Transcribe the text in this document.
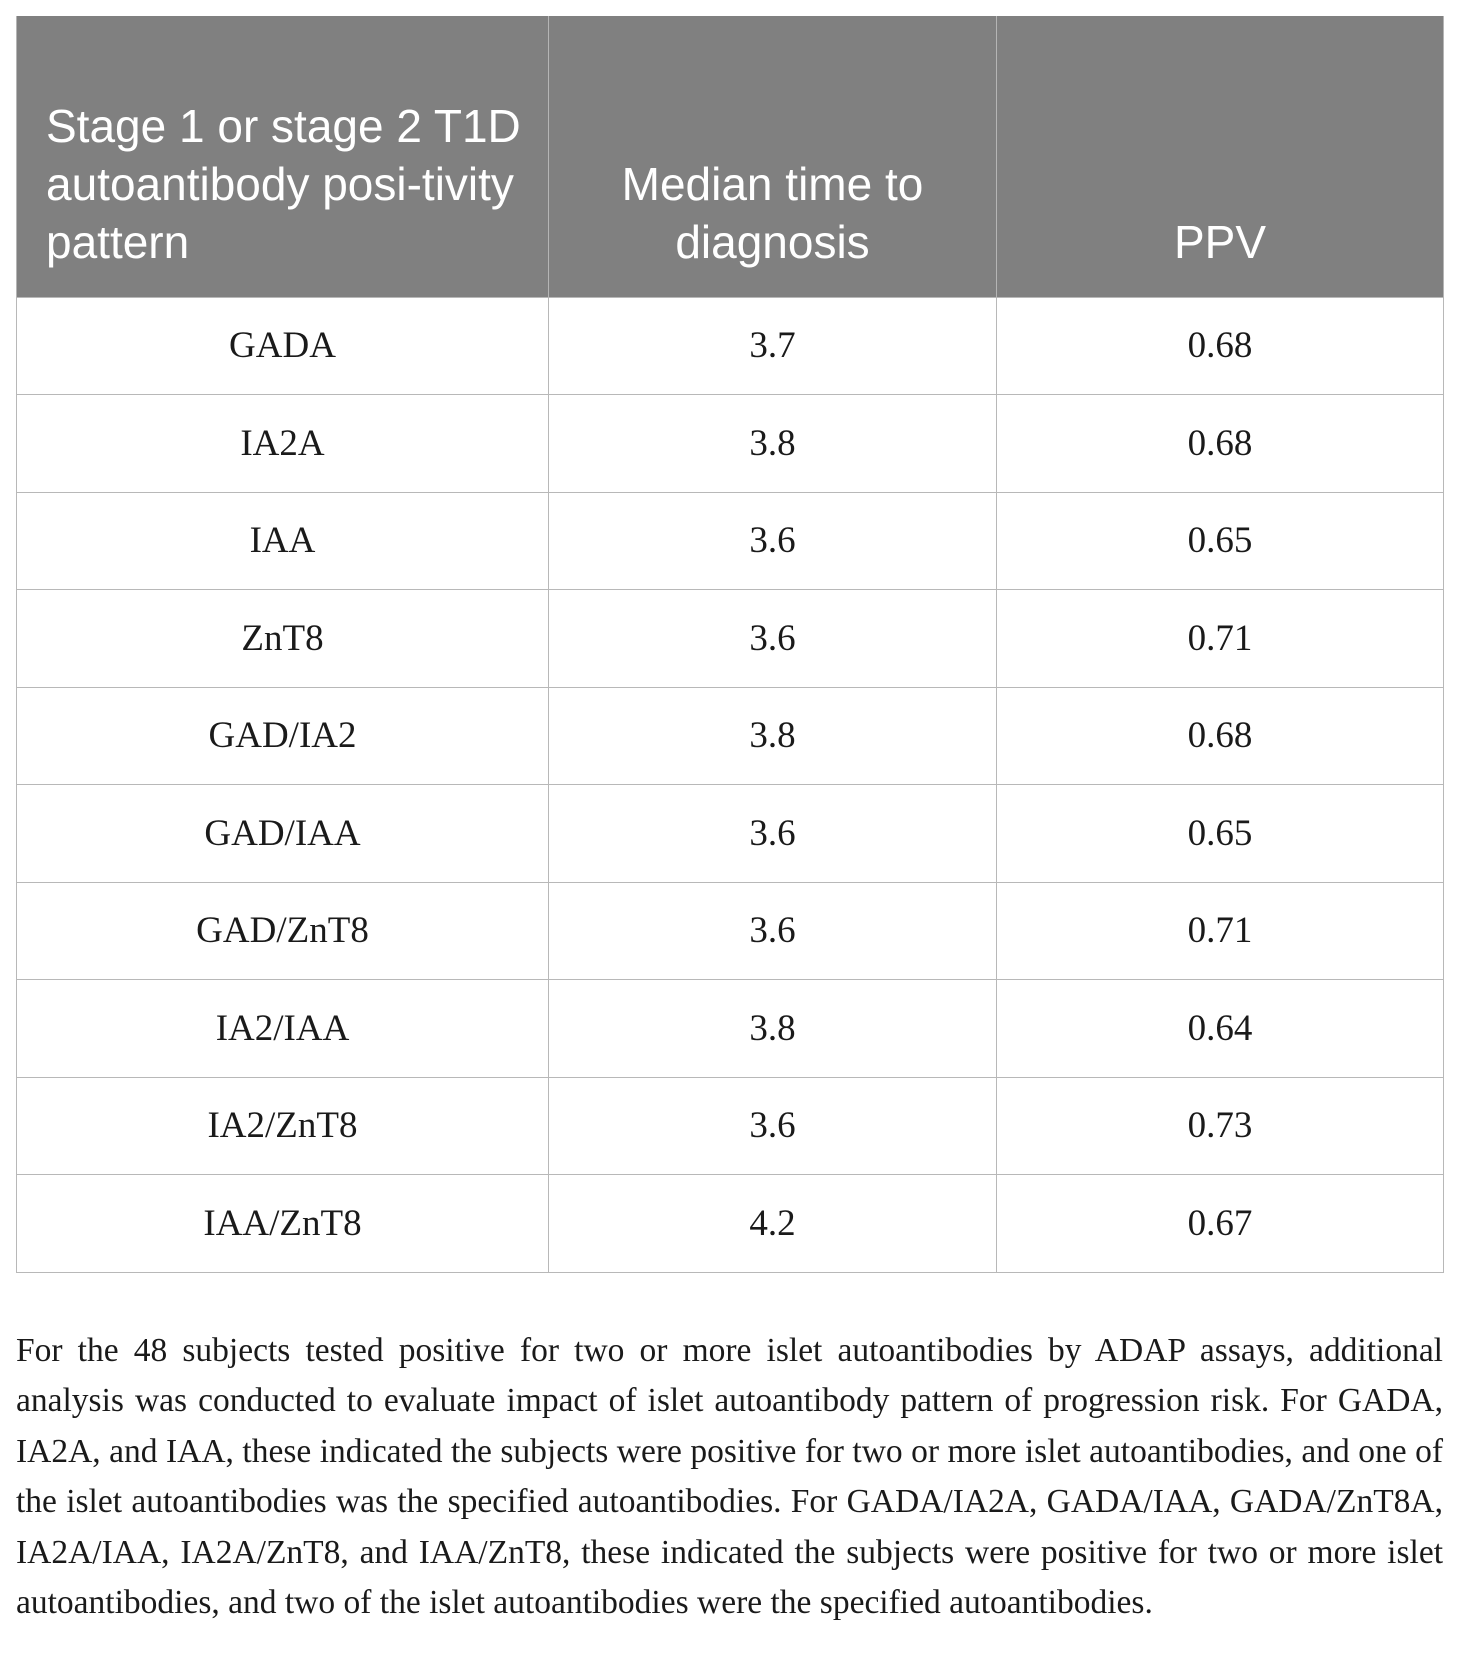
Stage 1 or stage 2 T1D autoantibody posi-tivity pattern	Median time to diagnosis	PPV
GADA	3.7	0.68
IA2A	3.8	0.68
IAA	3.6	0.65
ZnT8	3.6	0.71
GAD/IA2	3.8	0.68
GAD/IAA	3.6	0.65
GAD/ZnT8	3.6	0.71
IA2/IAA	3.8	0.64
IA2/ZnT8	3.6	0.73
IAA/ZnT8	4.2	0.67

For the 48 subjects tested positive for two or more islet autoantibodies by ADAP assays, additional analysis was conducted to evaluate impact of islet autoantibody pattern of progression risk. For GADA, IA2A, and IAA, these indicated the subjects were positive for two or more islet autoantibodies, and one of the islet autoantibodies was the specified autoantibodies. For GADA/IA2A, GADA/IAA, GADA/ZnT8A, IA2A/IAA, IA2A/ZnT8, and IAA/ZnT8, these indicated the subjects were positive for two or more islet autoantibodies, and two of the islet autoantibodies were the specified autoantibodies.
